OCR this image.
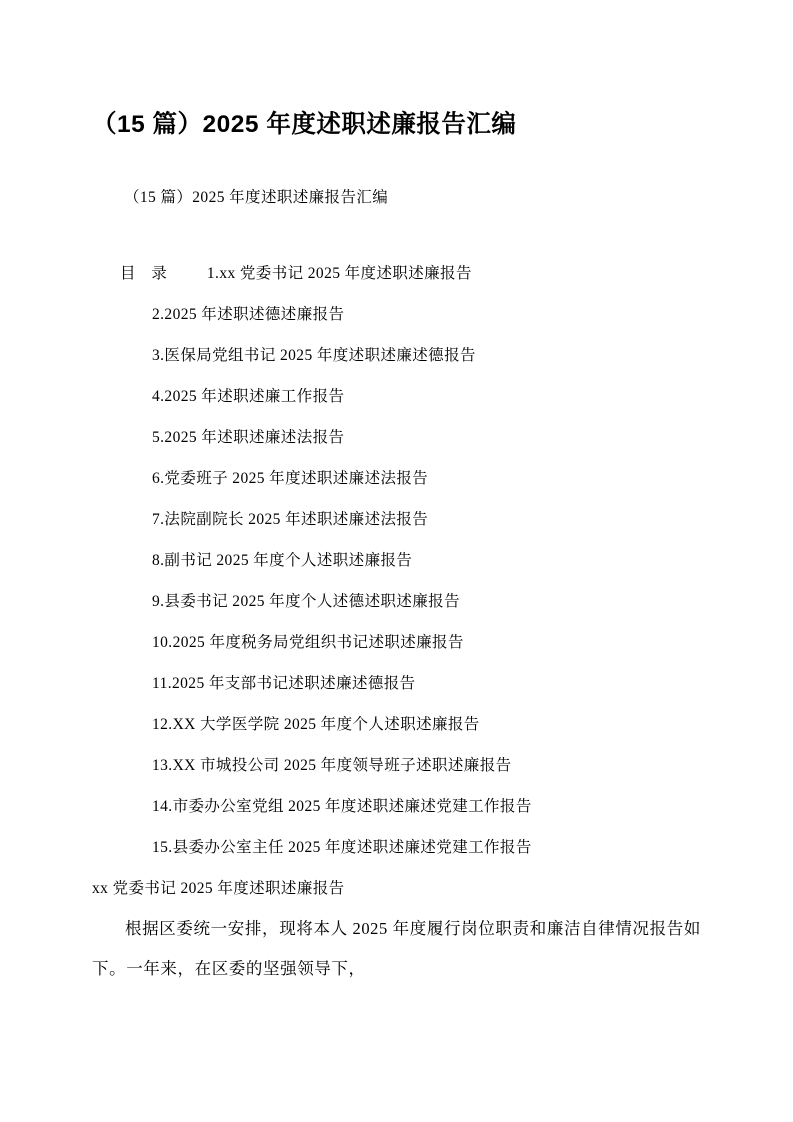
（15 篇）2025 年度述职述廉报告汇编

（15 篇）2025 年度述职述廉报告汇编

目 录 1.xx 党委书记 2025 年度述职述廉报告
2.2025 年述职述德述廉报告
3.医保局党组书记 2025 年度述职述廉述德报告
4.2025 年述职述廉工作报告
5.2025 年述职述廉述法报告
6.党委班子 2025 年度述职述廉述法报告
7.法院副院长 2025 年述职述廉述法报告
8.副书记 2025 年度个人述职述廉报告
9.县委书记 2025 年度个人述德述职述廉报告
10.2025 年度税务局党组织书记述职述廉报告
11.2025 年支部书记述职述廉述德报告
12.XX 大学医学院 2025 年度个人述职述廉报告
13.XX 市城投公司 2025 年度领导班子述职述廉报告
14.市委办公室党组 2025 年度述职述廉述党建工作报告
15.县委办公室主任 2025 年度述职述廉述党建工作报告

xx 党委书记 2025 年度述职述廉报告

根据区委统一安排，现将本人 2025 年度履行岗位职责和廉洁自律情况报告如下。一年来，在区委的坚强领导下，
